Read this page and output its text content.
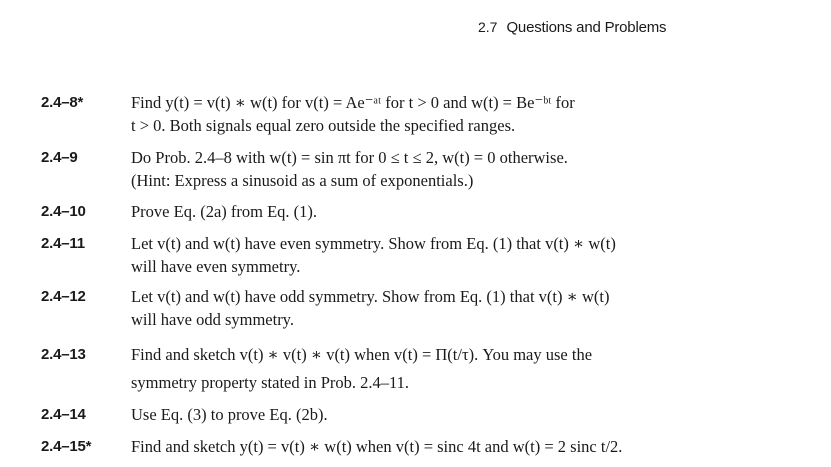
2.7 Questions and Problems
2.4–8*	Find y(t) = v(t) ∗ w(t) for v(t) = Ae⁻ᵃᵗ for t > 0 and w(t) = Be⁻ᵇᵗ for
t > 0. Both signals equal zero outside the specified ranges.
2.4–9	Do Prob. 2.4–8 with w(t) = sin πt for 0 ≤ t ≤ 2, w(t) = 0 otherwise.
(Hint: Express a sinusoid as a sum of exponentials.)
2.4–10	Prove Eq. (2a) from Eq. (1).
2.4–11	Let v(t) and w(t) have even symmetry. Show from Eq. (1) that v(t) ∗ w(t)
will have even symmetry.
2.4–12	Let v(t) and w(t) have odd symmetry. Show from Eq. (1) that v(t) ∗ w(t)
will have odd symmetry.
2.4–13	Find and sketch v(t) ∗ v(t) ∗ v(t) when v(t) = Π(t/τ). You may use the
symmetry property stated in Prob. 2.4–11.
2.4–14	Use Eq. (3) to prove Eq. (2b).
2.4–15* Find and sketch y(t) = v(t) ∗ w(t) when v(t) = sinc 4t and w(t) = 2 sinc t/2.
